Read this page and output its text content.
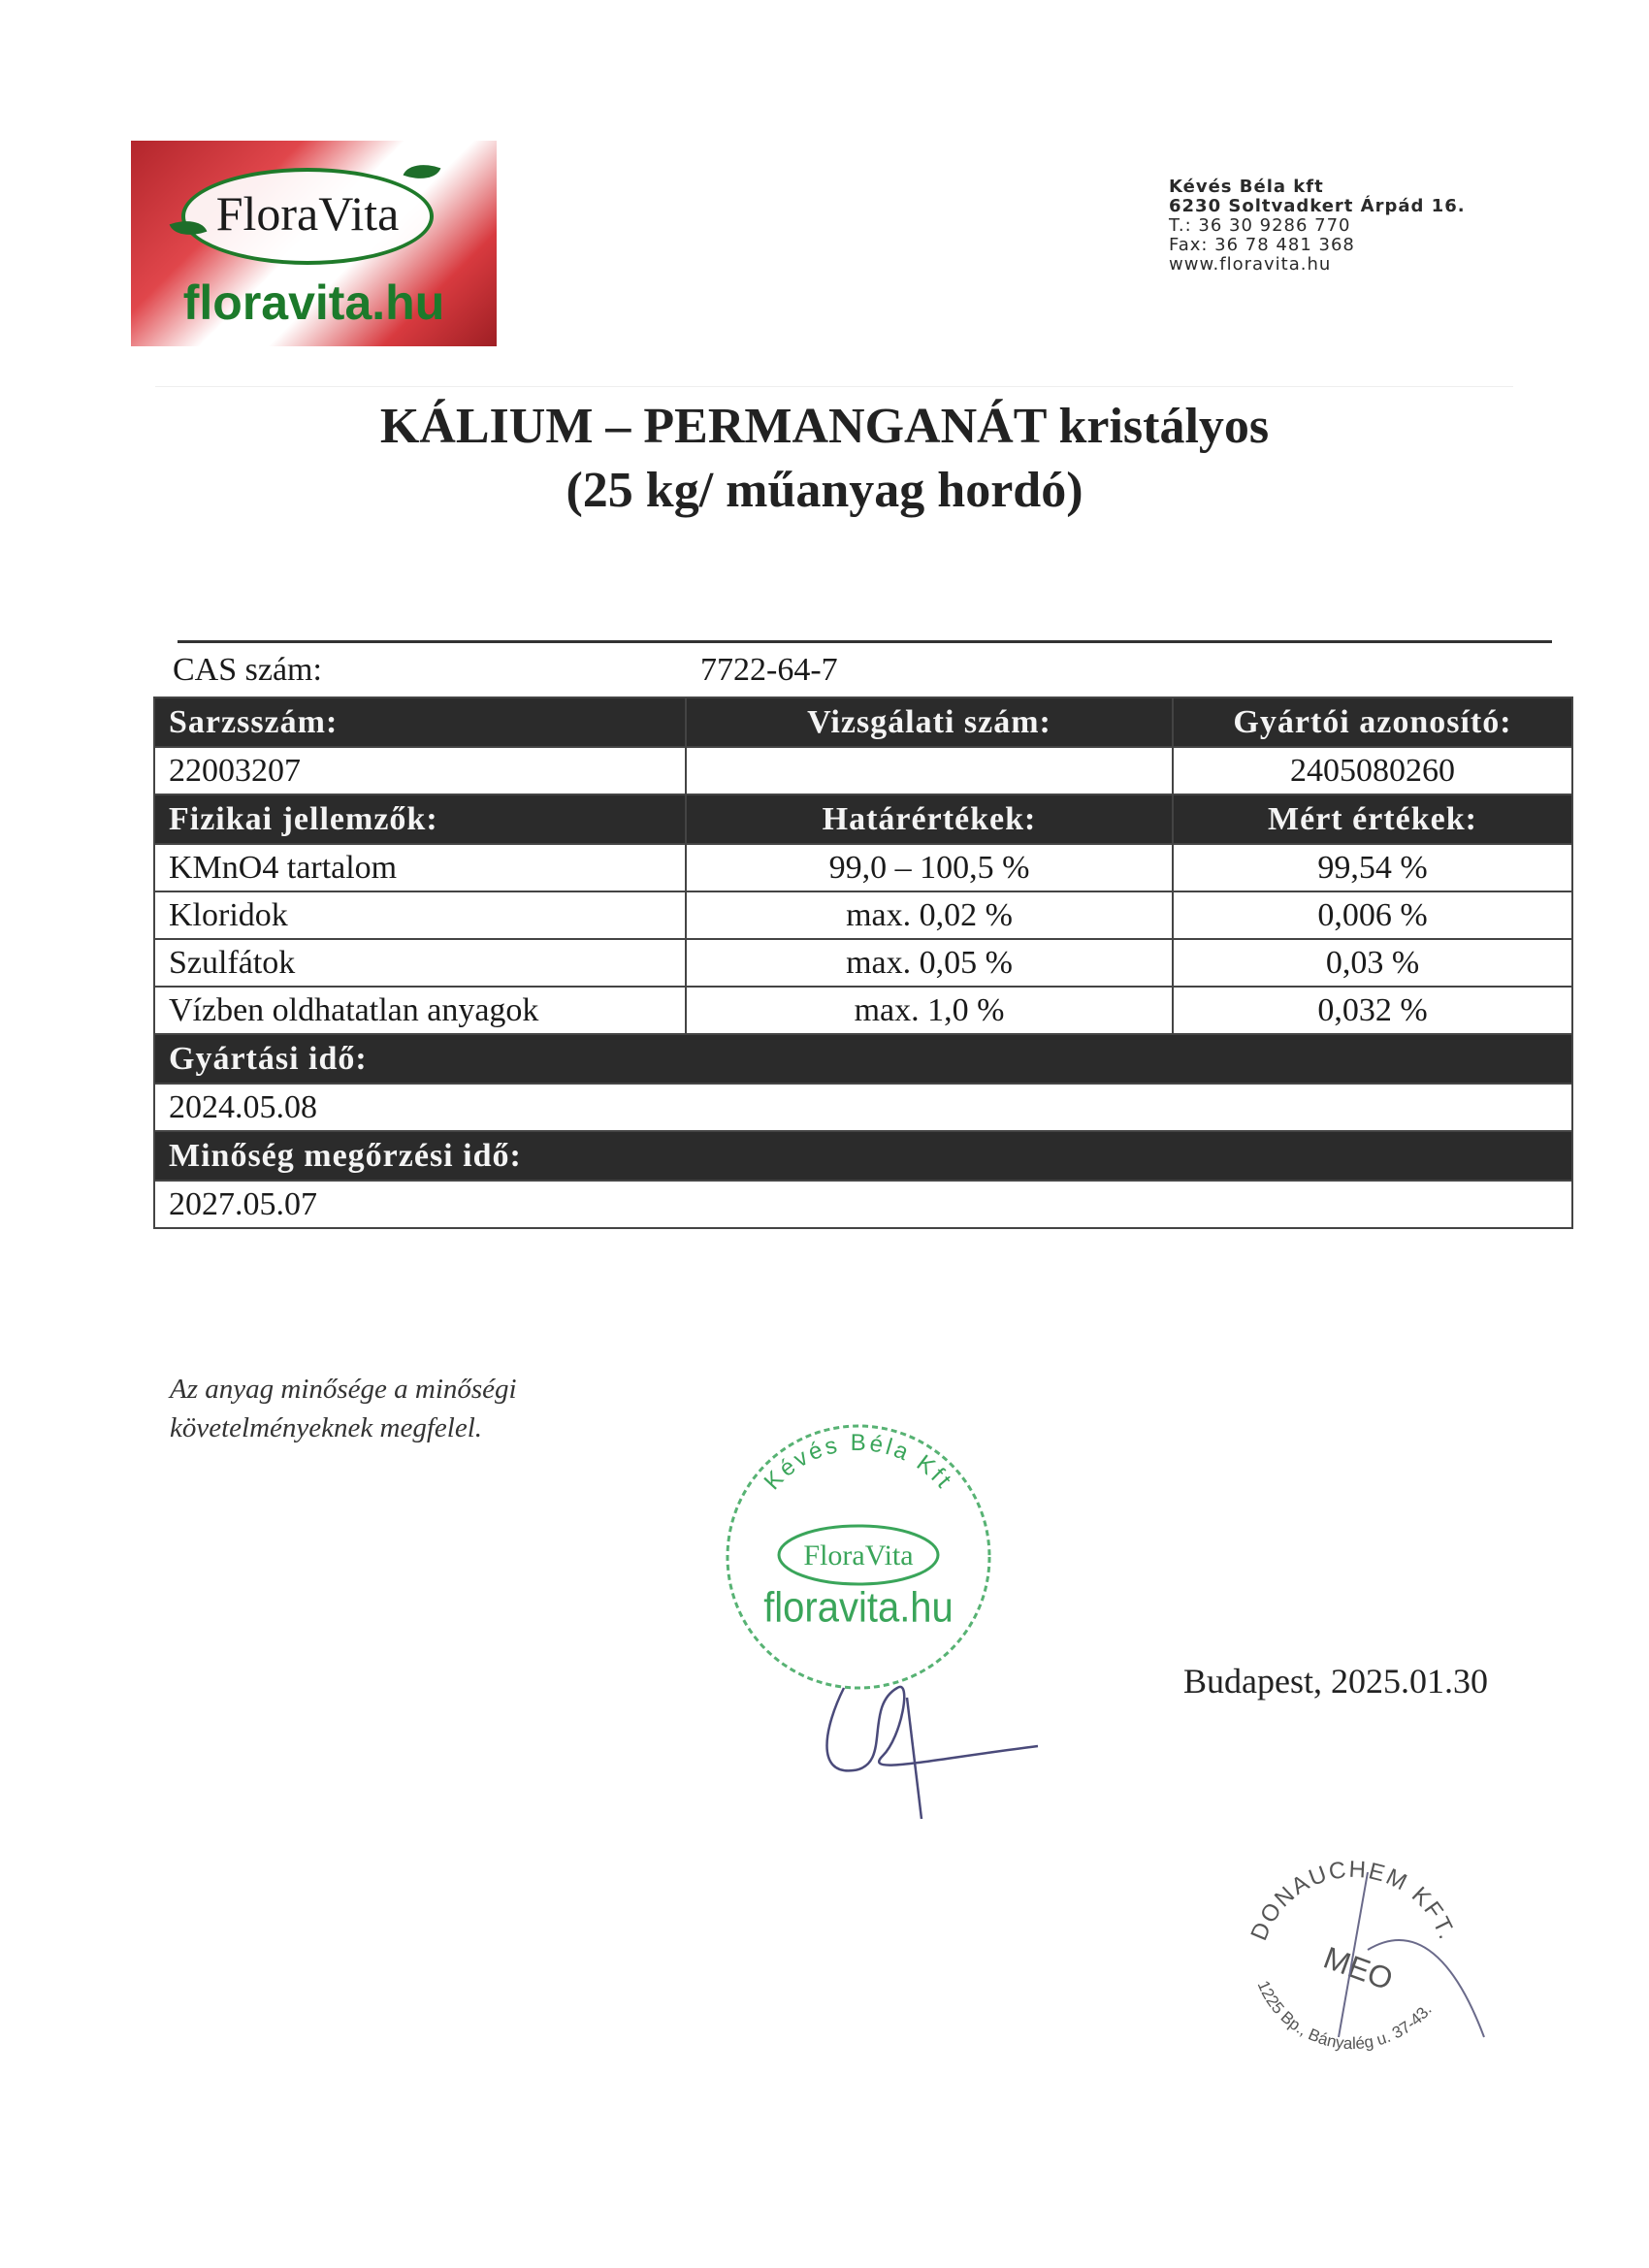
FloraVita
floravita.hu
Kévés Béla kft
6230 Soltvadkert Árpád 16.
T.: 36 30 9286 770
Fax: 36 78 481 368
www.floravita.hu
KÁLIUM – PERMANGANÁT kristályos
(25 kg/ műanyag hordó)
CAS szám:	7722-64-7
Sarzsszám:	Vizsgálati szám:	Gyártói azonosító:
22003207		2405080260
Fizikai jellemzők:	Határértékek:	Mért értékek:
KMnO4 tartalom	99,0 – 100,5 %	99,54 %
Kloridok	max. 0,02 %	0,006 %
Szulfátok	max. 0,05 %	0,03 %
Vízben oldhatatlan anyagok	max. 1,0 %	0,032 %
Gyártási idő:		
2024.05.08		
Minőség megőrzési idő:		
2027.05.07		
Az anyag minősége a minőségi
követelményeknek megfelel.
Kévés Béla Kft
FloraVita
floravita.hu
Budapest, 2025.01.30
DONAUCHEM KFT.
MEO
1225 Bp., Bányalég u. 37-43.
